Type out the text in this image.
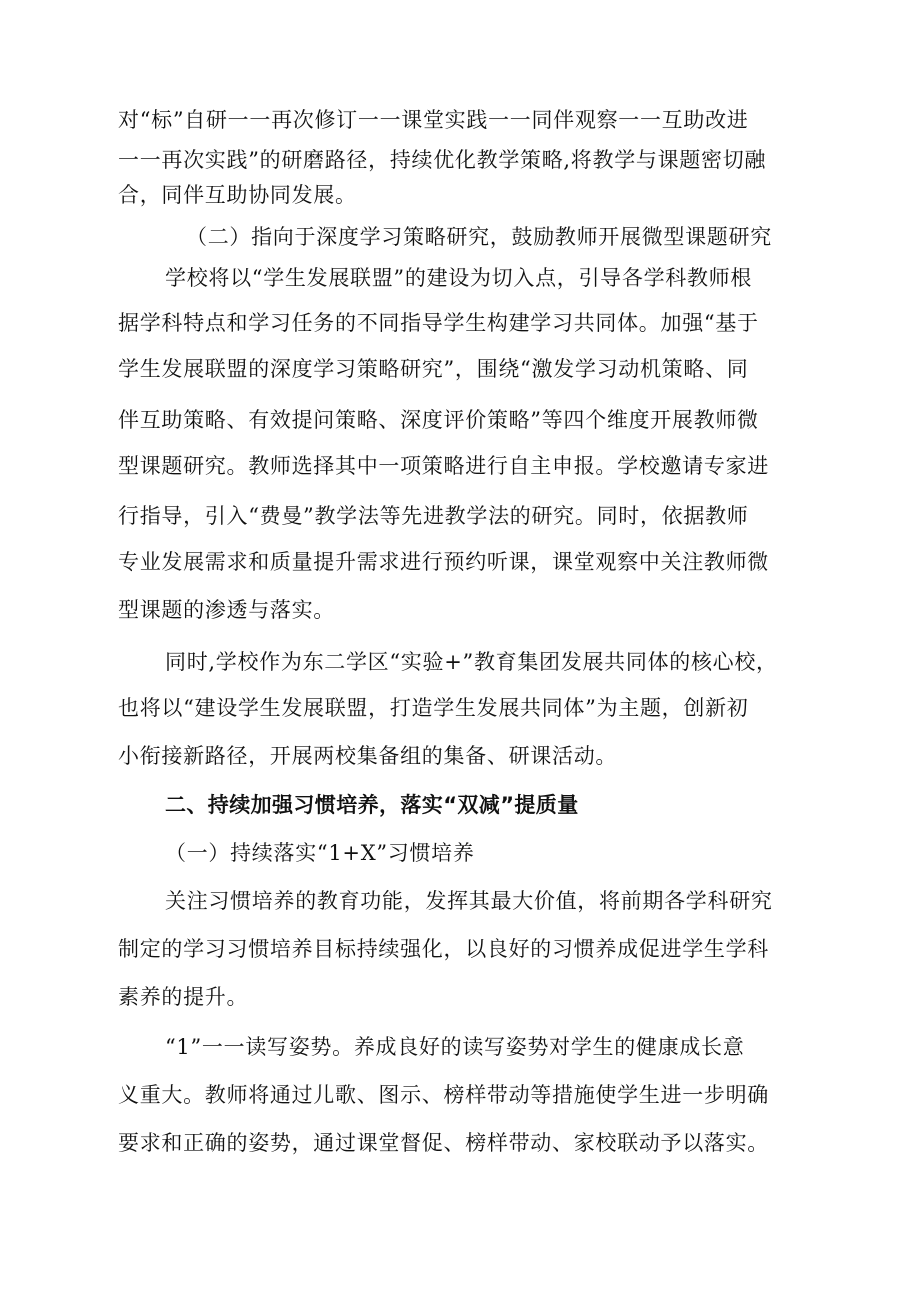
对“标”自研一一再次修订一一课堂实践一一同伴观察一一互助改进
一一再次实践”的研磨路径，持续优化教学策略,将教学与课题密切融
合，同伴互助协同发展。
（二）指向于深度学习策略研究，鼓励教师开展微型课题研究
学校将以“学生发展联盟”的建设为切入点，引导各学科教师根
据学科特点和学习任务的不同指导学生构建学习共同体。加强“基于
学生发展联盟的深度学习策略研究”，围绕“激发学习动机策略、同
伴互助策略、有效提问策略、深度评价策略”等四个维度开展教师微
型课题研究。教师选择其中一项策略进行自主申报。学校邀请专家进
行指导，引入“费曼”教学法等先进教学法的研究。同时，依据教师
专业发展需求和质量提升需求进行预约听课，课堂观察中关注教师微
型课题的渗透与落实。
同时,学校作为东二学区“实验+”教育集团发展共同体的核心校，
也将以“建设学生发展联盟，打造学生发展共同体”为主题，创新初
小衔接新路径，开展两校集备组的集备、研课活动。
二、持续加强习惯培养，落实“双减”提质量
（一）持续落实“1+X”习惯培养
关注习惯培养的教育功能，发挥其最大价值，将前期各学科研究
制定的学习习惯培养目标持续强化，以良好的习惯养成促进学生学科
素养的提升。
“1”一一读写姿势。养成良好的读写姿势对学生的健康成长意
义重大。教师将通过儿歌、图示、榜样带动等措施使学生进一步明确
要求和正确的姿势，通过课堂督促、榜样带动、家校联动予以落实。
